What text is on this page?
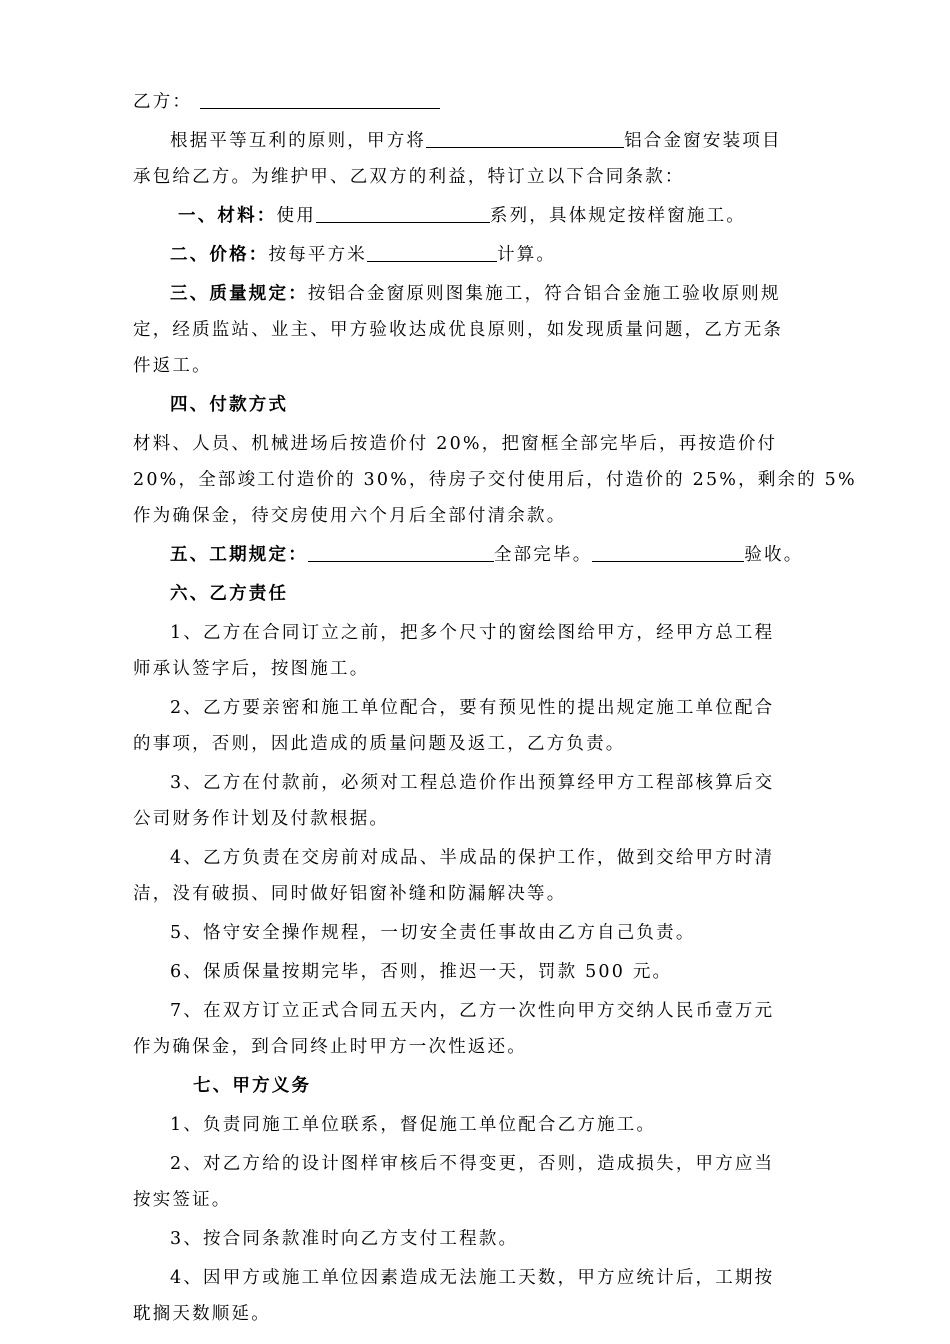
乙方：
根据平等互利的原则，甲方将	铝合金窗安装项目
承包给乙方。为维护甲、乙双方的利益，特订立以下合同条款：
一、材料：使用	系列，具体规定按样窗施工。
二、价格：按每平方米	计算。
三、质量规定：按铝合金窗原则图集施工，符合铝合金施工验收原则规
定，经质监站、业主、甲方验收达成优良原则，如发现质量问题，乙方无条
件返工。
四、付款方式
材料、人员、机械进场后按造价付 20%，把窗框全部完毕后，再按造价付
20%，全部竣工付造价的 30%，待房子交付使用后，付造价的 25%，剩余的 5%
作为确保金，待交房使用六个月后全部付清余款。
五、工期规定：	全部完毕。	验收。
六、乙方责任
1、乙方在合同订立之前，把多个尺寸的窗绘图给甲方，经甲方总工程
师承认签字后，按图施工。
2、乙方要亲密和施工单位配合，要有预见性的提出规定施工单位配合
的事项，否则，因此造成的质量问题及返工，乙方负责。
3、乙方在付款前，必须对工程总造价作出预算经甲方工程部核算后交
公司财务作计划及付款根据。
4、乙方负责在交房前对成品、半成品的保护工作，做到交给甲方时清
洁，没有破损、同时做好铝窗补缝和防漏解决等。
5、恪守安全操作规程，一切安全责任事故由乙方自己负责。
6、保质保量按期完毕，否则，推迟一天，罚款 500 元。
7、在双方订立正式合同五天内，乙方一次性向甲方交纳人民币壹万元
作为确保金，到合同终止时甲方一次性返还。
七、甲方义务
1、负责同施工单位联系，督促施工单位配合乙方施工。
2、对乙方给的设计图样审核后不得变更，否则，造成损失，甲方应当
按实签证。
3、按合同条款准时向乙方支付工程款。
4、因甲方或施工单位因素造成无法施工天数，甲方应统计后，工期按
耽搁天数顺延。
